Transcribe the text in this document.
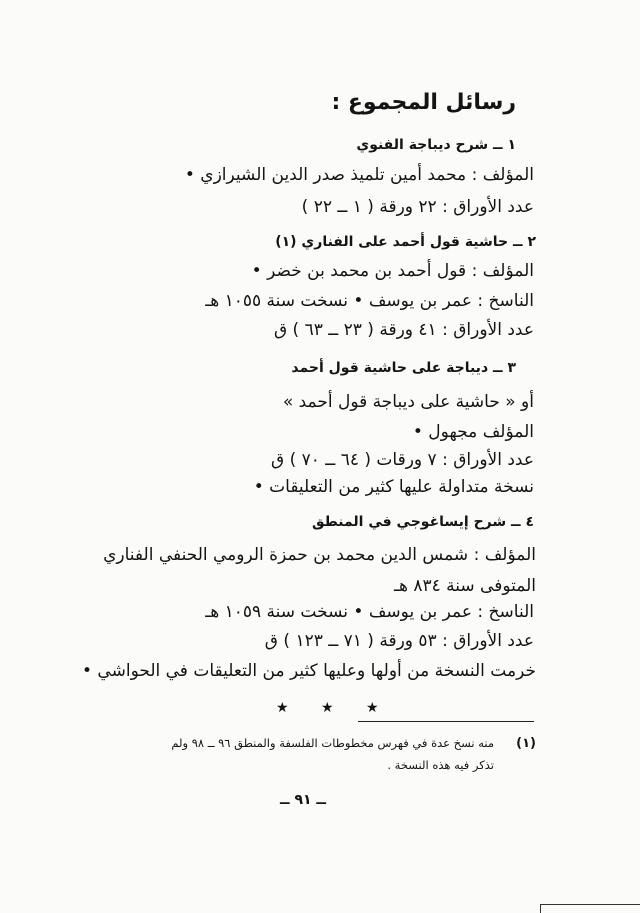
رسائل المجموع :
١ ــ شرح ديباجة الفنوي
المؤلف : محمد أمين تلميذ صدر الدين الشيرازي •
عدد الأوراق : ٢٢ ورقة ( ١ ــ ٢٢ )
٢ ــ حاشية قول أحمد على الفناري (١)
المؤلف : قول أحمد بن محمد بن خضر •
الناسخ : عمر بن يوسف • نسخت سنة ١٠٥٥ هـ
عدد الأوراق : ٤١ ورقة ( ٢٣ ــ ٦٣ ) ق
٣ ــ ديباجة على حاشية قول أحمد
أو « حاشية على ديباجة قول أحمد »
المؤلف مجهول •
عدد الأوراق : ٧ ورقات ( ٦٤ ــ ٧٠ ) ق
نسخة متداولة عليها كثير من التعليقات •
٤ ــ شرح إيساغوجي في المنطق
المؤلف : شمس الدين محمد بن حمزة الرومي الحنفي الفناري
المتوفى سنة ٨٣٤ هـ
الناسخ : عمر بن يوسف • نسخت سنة ١٠٥٩ هـ
عدد الأوراق : ٥٣ ورقة ( ٧١ ــ ١٢٣ ) ق
خرمت النسخة من أولها وعليها كثير من التعليقات في الحواشي •
★ ★ ★
(١)
منه نسخ عدة في فهرس مخطوطات الفلسفة والمنطق ٩٦ ــ ٩٨ ولم
تذكر فيه هذه النسخة .
ــ ٩١ ــ
